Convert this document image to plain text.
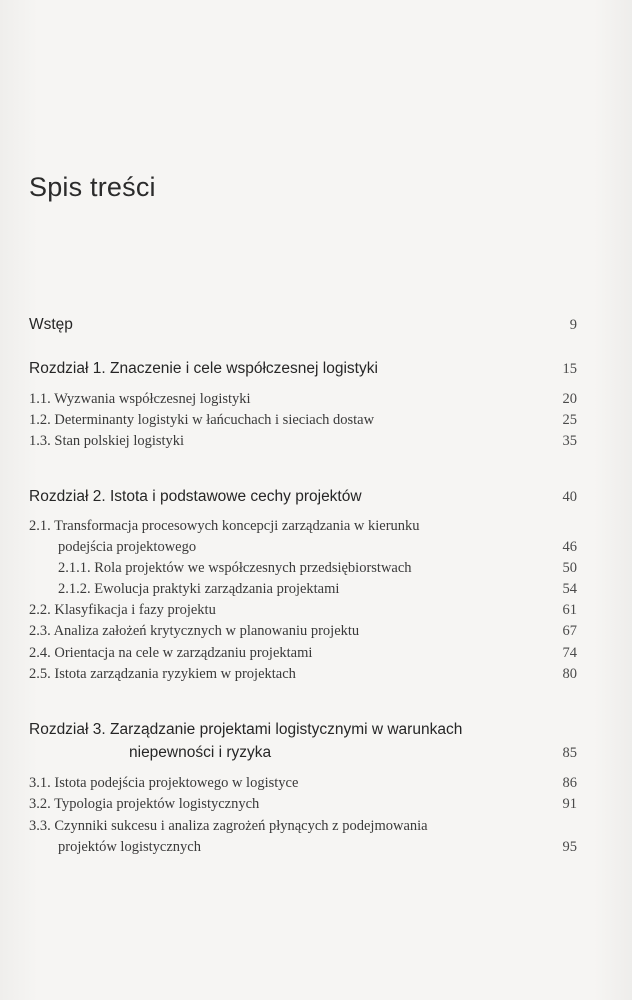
Spis treści
Wstęp	9
Rozdział 1. Znaczenie i cele współczesnej logistyki	15
1.1. Wyzwania współczesnej logistyki	20
1.2. Determinanty logistyki w łańcuchach i sieciach dostaw	25
1.3. Stan polskiej logistyki	35
Rozdział 2. Istota i podstawowe cechy projektów	40
2.1. Transformacja procesowych koncepcji zarządzania w kierunku
podejścia projektowego	46
2.1.1. Rola projektów we współczesnych przedsiębiorstwach	50
2.1.2. Ewolucja praktyki zarządzania projektami	54
2.2. Klasyfikacja i fazy projektu	61
2.3. Analiza założeń krytycznych w planowaniu projektu	67
2.4. Orientacja na cele w zarządzaniu projektami	74
2.5. Istota zarządzania ryzykiem w projektach	80
Rozdział 3. Zarządzanie projektami logistycznymi w warunkach
niepewności i ryzyka	85
3.1. Istota podejścia projektowego w logistyce	86
3.2. Typologia projektów logistycznych	91
3.3. Czynniki sukcesu i analiza zagrożeń płynących z podejmowania
projektów logistycznych	95
